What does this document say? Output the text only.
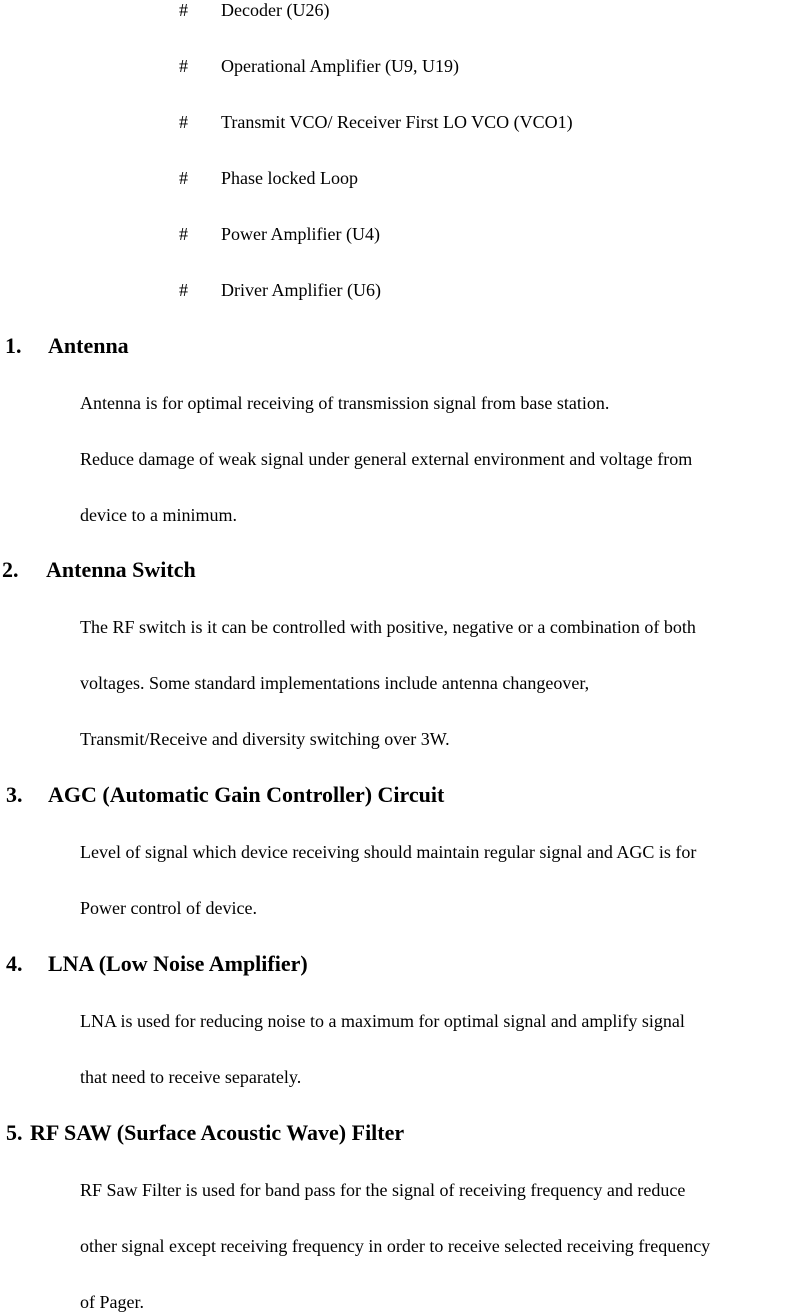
# Decoder (U26)
# Operational Amplifier (U9, U19)
# Transmit VCO/ Receiver First LO VCO (VCO1)
# Phase locked Loop
# Power Amplifier (U4)
# Driver Amplifier (U6)
1. Antenna
Antenna is for optimal receiving of transmission signal from base station.
Reduce damage of weak signal under general external environment and voltage from
device to a minimum.
2. Antenna Switch
The RF switch is it can be controlled with positive, negative or a combination of both
voltages. Some standard implementations include antenna changeover,
Transmit/Receive and diversity switching over 3W.
3. AGC (Automatic Gain Controller) Circuit
Level of signal which device receiving should maintain regular signal and AGC is for
Power control of device.
4. LNA (Low Noise Amplifier)
LNA is used for reducing noise to a maximum for optimal signal and amplify signal
that need to receive separately.
5. RF SAW (Surface Acoustic Wave) Filter
RF Saw Filter is used for band pass for the signal of receiving frequency and reduce
other signal except receiving frequency in order to receive selected receiving frequency
of Pager.
